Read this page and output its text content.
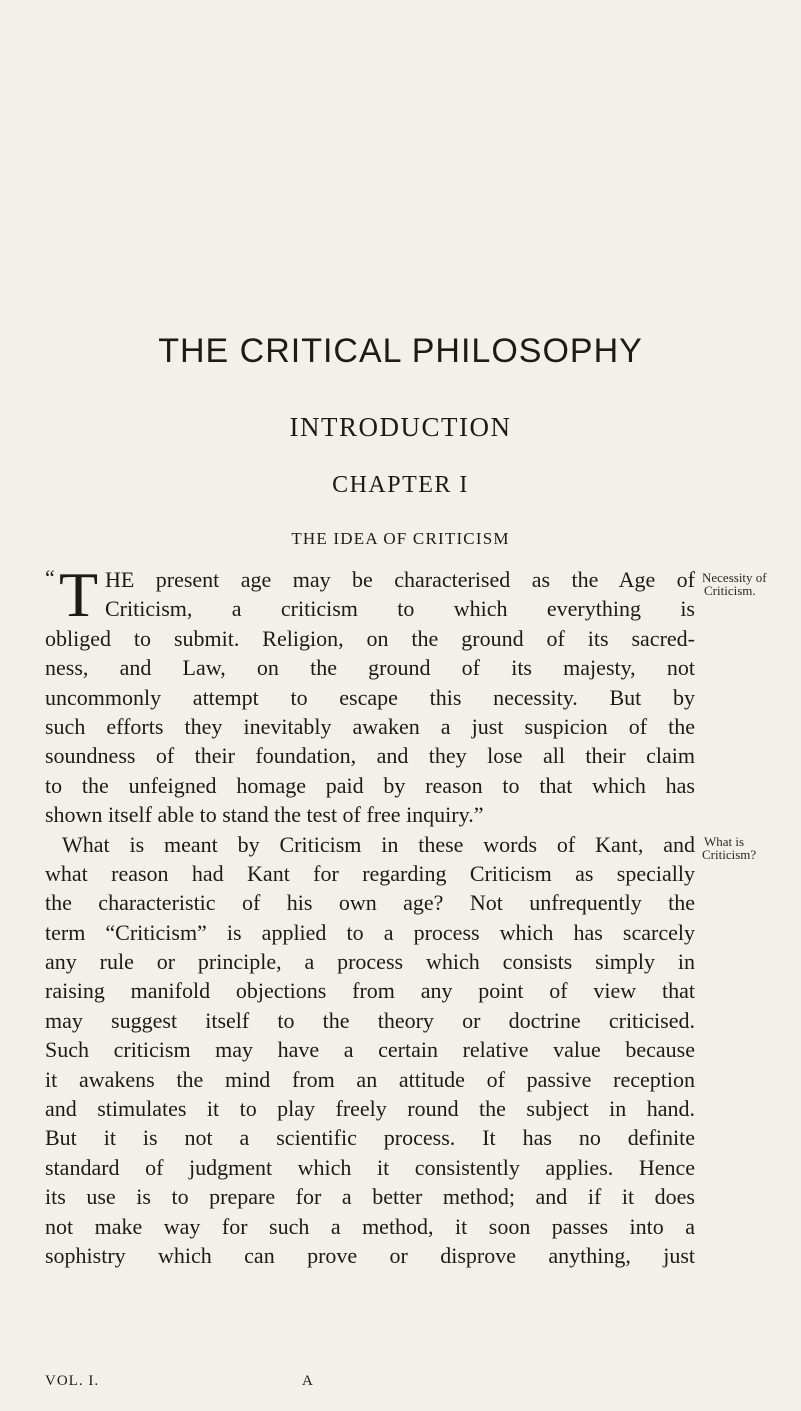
THE CRITICAL PHILOSOPHY
INTRODUCTION
CHAPTER I
THE IDEA OF CRITICISM
“ T HE present age may be characterised as the Age of
Criticism, a criticism to which everything is
obliged to submit. Religion, on the ground of its sacred-
ness, and Law, on the ground of its majesty, not
uncommonly attempt to escape this necessity. But by
such efforts they inevitably awaken a just suspicion of the
soundness of their foundation, and they lose all their claim
to the unfeigned homage paid by reason to that which has
shown itself able to stand the test of free inquiry.”
What is meant by Criticism in these words of Kant, and
what reason had Kant for regarding Criticism as specially
the characteristic of his own age? Not unfrequently the
term “Criticism” is applied to a process which has scarcely
any rule or principle, a process which consists simply in
raising manifold objections from any point of view that
may suggest itself to the theory or doctrine criticised.
Such criticism may have a certain relative value because
it awakens the mind from an attitude of passive reception
and stimulates it to play freely round the subject in hand.
But it is not a scientific process. It has no definite
standard of judgment which it consistently applies. Hence
its use is to prepare for a better method; and if it does
not make way for such a method, it soon passes into a
sophistry which can prove or disprove anything, just
Necessity of
Criticism.
What is
Criticism?
VOL. I.	A
